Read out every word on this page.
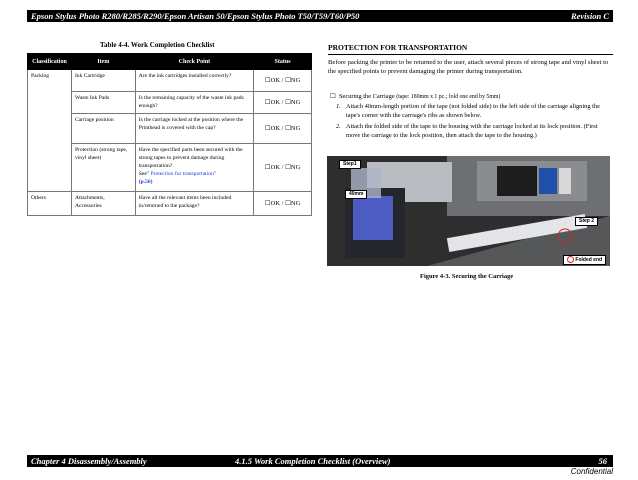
Epson Stylus Photo R280/R285/R290/Epson Artisan 50/Epson Stylus Photo T50/T59/T60/P50	Revision C
Table 4-4. Work Completion Checklist
Classification	Item	Check Point	Status
Packing	Ink Cartridge	Are the ink cartridges installed correctly?	☐OK / ☐NG
	Waste Ink Pads	Is the remaining capacity of the waste ink pads enough?	☐OK / ☐NG
	Carriage position	Is the carriage locked at the position where the Printhead is covered with the cap?	☐OK / ☐NG
	Protection (strong tape, vinyl sheet)	Have the specified parts been secured with the strong tapes to prevent damage during transportation?
See" Protection for transportation"
(p.56)	☐OK / ☐NG
Others	Attachments, Accessories	Have all the relevant items been included in/returned to the package?	☐OK / ☐NG
PROTECTION FOR TRANSPORTATION
Before packing the printer to be returned to the user, attach several pieces of strong tape and vinyl sheet to the specified points to prevent damaging the printer during transportation.
☐ Securing the Carriage (tape: 180mm x 1 pc.; fold one end by 5mm)
1. Attach 40mm-length portion of the tape (not folded side) to the left side of the carriage aligning the tape's corner with the carriage's ribs as shown below.
2. Attach the folded side of the tape to the housing with the carriage locked at its lock position. (First move the carriage to the lock position, then attach the tape to the housing.)
Step1
40mm
Step 2
Folded end
Figure 4-3. Securing the Carriage
Chapter 4 Disassembly/Assembly	4.1.5 Work Completion Checklist (Overview)	56
Confidential
